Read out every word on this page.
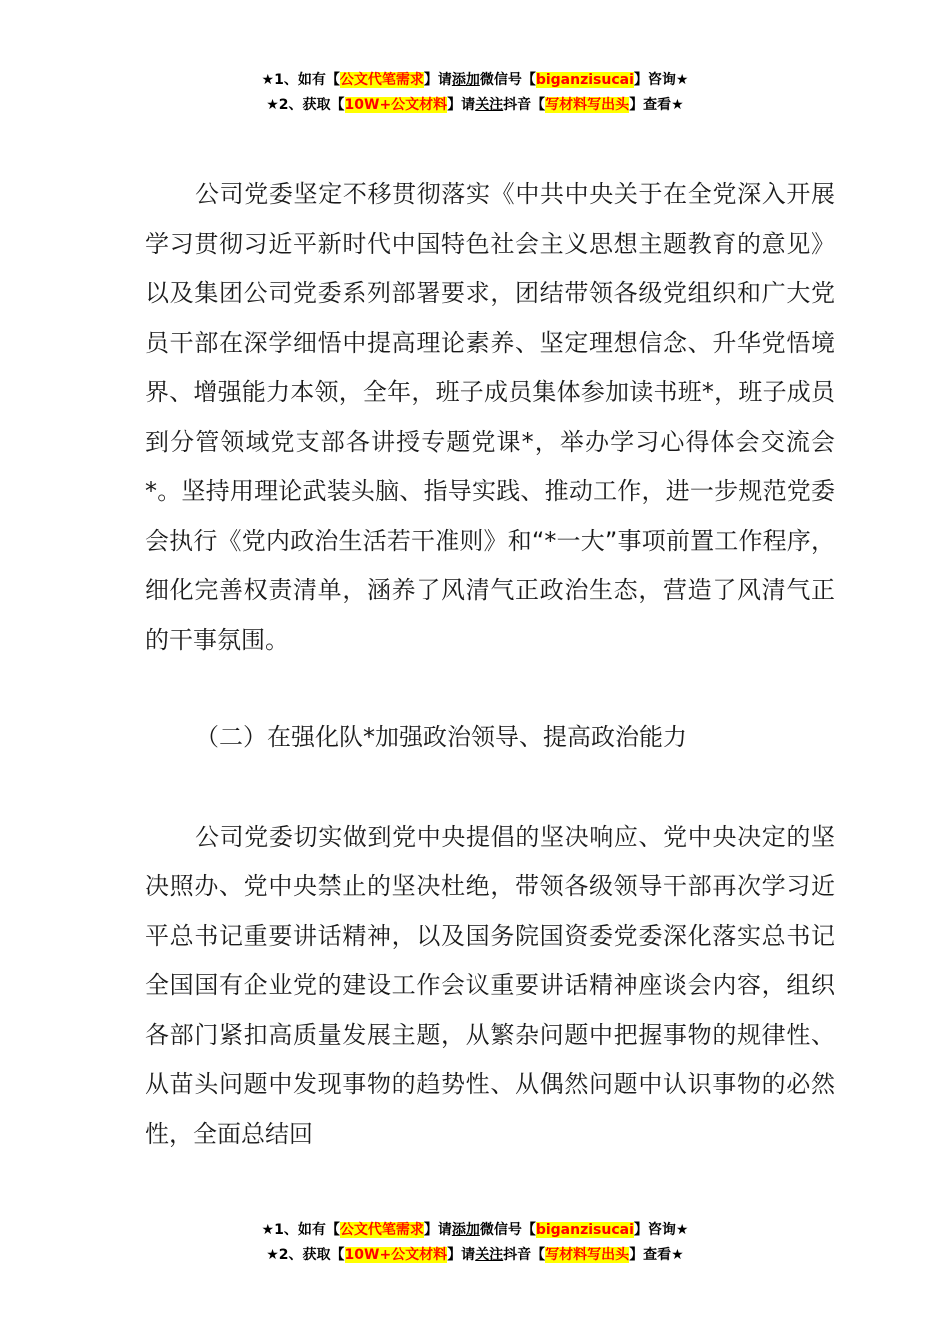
★1、如有【公文代笔需求】请添加微信号【biganzisucai】咨询★
★2、获取【10W+公文材料】请关注抖音【写材料写出头】查看★

公司党委坚定不移贯彻落实《中共中央关于在全党深入开展学习贯彻习近平新时代中国特色社会主义思想主题教育的意见》以及集团公司党委系列部署要求，团结带领各级党组织和广大党员干部在深学细悟中提高理论素养、坚定理想信念、升华党悟境界、增强能力本领，全年，班子成员集体参加读书班*，班子成员到分管领域党支部各讲授专题党课*，举办学习心得体会交流会*。坚持用理论武装头脑、指导实践、推动工作，进一步规范党委会执行《党内政治生活若干准则》和“*一大”事项前置工作程序，细化完善权责清单，涵养了风清气正政治生态，营造了风清气正的干事氛围。

（二）在强化队*加强政治领导、提高政治能力

公司党委切实做到党中央提倡的坚决响应、党中央决定的坚决照办、党中央禁止的坚决杜绝，带领各级领导干部再次学习近平总书记重要讲话精神，以及国务院国资委党委深化落实总书记全国国有企业党的建设工作会议重要讲话精神座谈会内容，组织各部门紧扣高质量发展主题，从繁杂问题中把握事物的规律性、从苗头问题中发现事物的趋势性、从偶然问题中认识事物的必然性，全面总结回

★1、如有【公文代笔需求】请添加微信号【biganzisucai】咨询★
★2、获取【10W+公文材料】请关注抖音【写材料写出头】查看★
